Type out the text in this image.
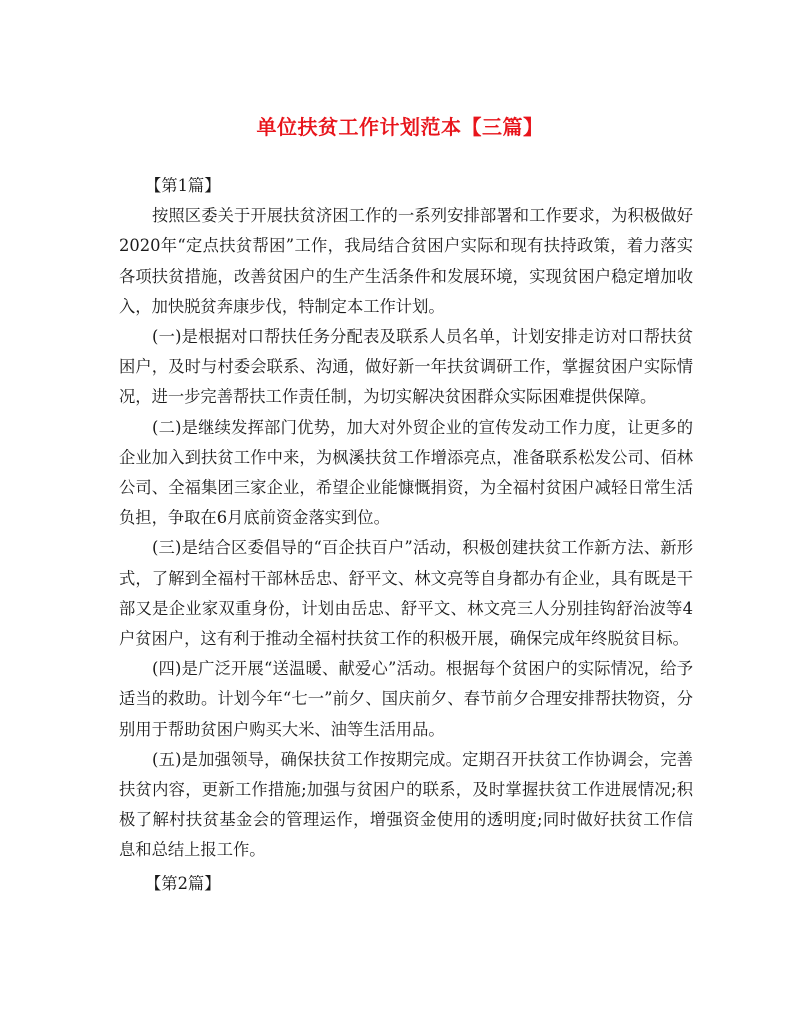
单位扶贫工作计划范本【三篇】

【第1篇】

按照区委关于开展扶贫济困工作的一系列安排部署和工作要求，为积极做好2020年“定点扶贫帮困”工作，我局结合贫困户实际和现有扶持政策，着力落实各项扶贫措施，改善贫困户的生产生活条件和发展环境，实现贫困户稳定增加收入，加快脱贫奔康步伐，特制定本工作计划。

(一)是根据对口帮扶任务分配表及联系人员名单，计划安排走访对口帮扶贫困户，及时与村委会联系、沟通，做好新一年扶贫调研工作，掌握贫困户实际情况，进一步完善帮扶工作责任制，为切实解决贫困群众实际困难提供保障。

(二)是继续发挥部门优势，加大对外贸企业的宣传发动工作力度，让更多的企业加入到扶贫工作中来，为枫溪扶贫工作增添亮点，准备联系松发公司、佰林公司、全福集团三家企业，希望企业能慷慨捐资，为全福村贫困户减轻日常生活负担，争取在6月底前资金落实到位。

(三)是结合区委倡导的“百企扶百户”活动，积极创建扶贫工作新方法、新形式，了解到全福村干部林岳忠、舒平文、林文亮等自身都办有企业，具有既是干部又是企业家双重身份，计划由岳忠、舒平文、林文亮三人分别挂钩舒治波等4户贫困户，这有利于推动全福村扶贫工作的积极开展，确保完成年终脱贫目标。

(四)是广泛开展“送温暖、献爱心”活动。根据每个贫困户的实际情况，给予适当的救助。计划今年“七一”前夕、国庆前夕、春节前夕合理安排帮扶物资，分别用于帮助贫困户购买大米、油等生活用品。

(五)是加强领导，确保扶贫工作按期完成。定期召开扶贫工作协调会，完善扶贫内容，更新工作措施;加强与贫困户的联系，及时掌握扶贫工作进展情况;积极了解村扶贫基金会的管理运作，增强资金使用的透明度;同时做好扶贫工作信息和总结上报工作。

【第2篇】
